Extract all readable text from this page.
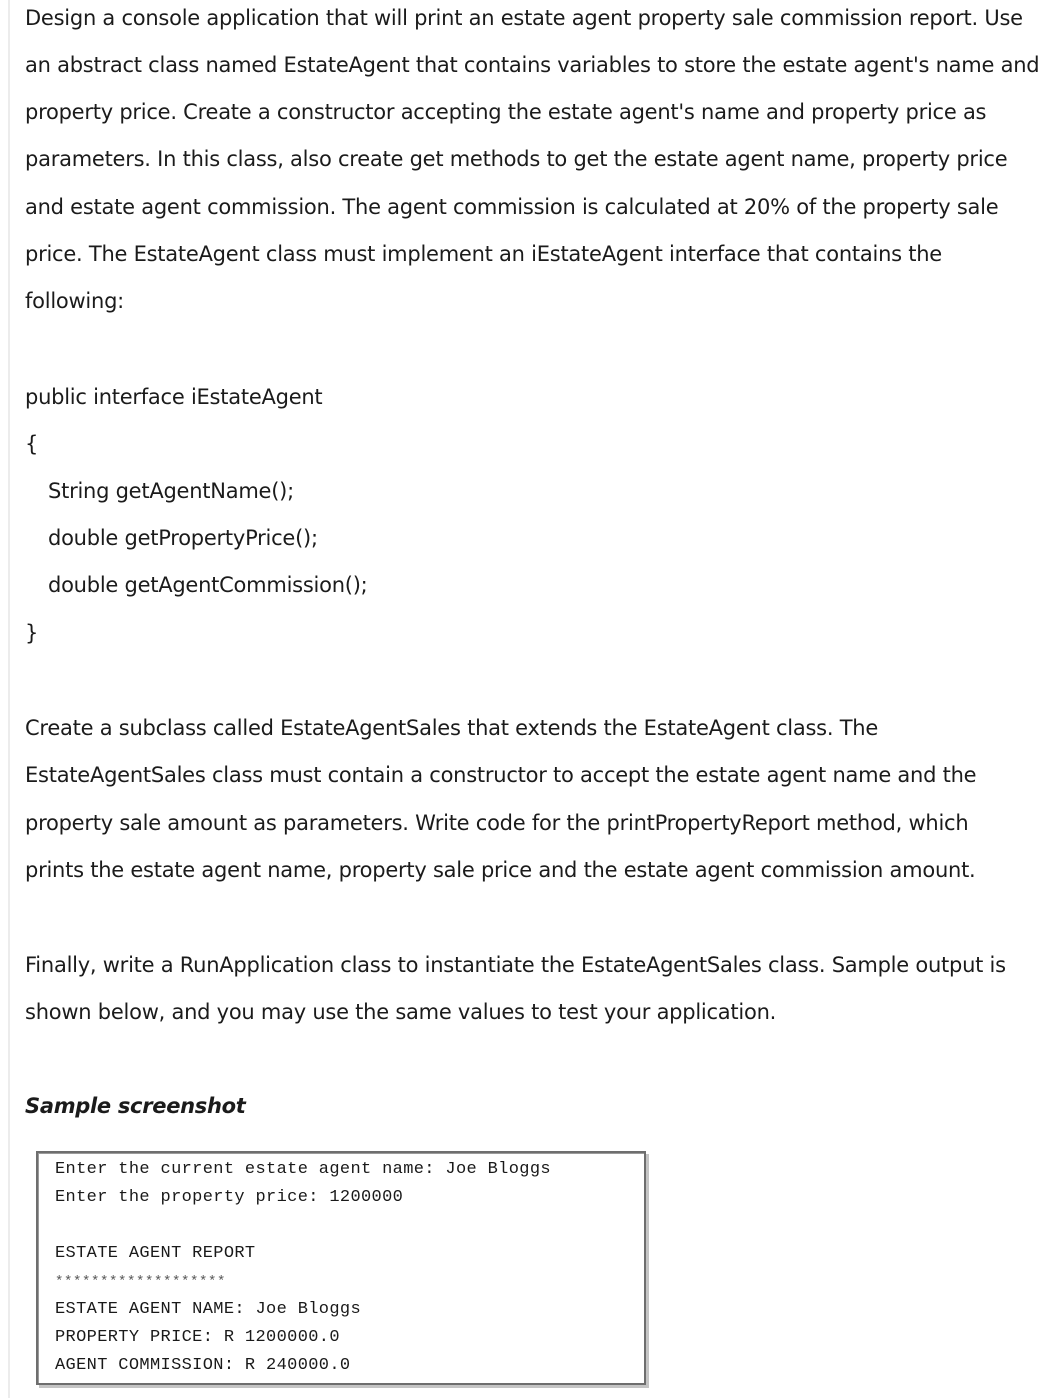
Design a console application that will print an estate agent property sale commission report. Use
an abstract class named EstateAgent that contains variables to store the estate agent's name and
property price. Create a constructor accepting the estate agent's name and property price as
parameters. In this class, also create get methods to get the estate agent name, property price
and estate agent commission. The agent commission is calculated at 20% of the property sale
price. The EstateAgent class must implement an iEstateAgent interface that contains the
following:
public interface iEstateAgent
{
String getAgentName();
double getPropertyPrice();
double getAgentCommission();
}
Create a subclass called EstateAgentSales that extends the EstateAgent class. The
EstateAgentSales class must contain a constructor to accept the estate agent name and the
property sale amount as parameters. Write code for the printPropertyReport method, which
prints the estate agent name, property sale price and the estate agent commission amount.
Finally, write a RunApplication class to instantiate the EstateAgentSales class. Sample output is
shown below, and you may use the same values to test your application.
Sample screenshot
Enter the current estate agent name: Joe Bloggs
Enter the property price: 1200000
ESTATE AGENT REPORT
*******************
ESTATE AGENT NAME: Joe Bloggs
PROPERTY PRICE: R 1200000.0
AGENT COMMISSION: R 240000.0
